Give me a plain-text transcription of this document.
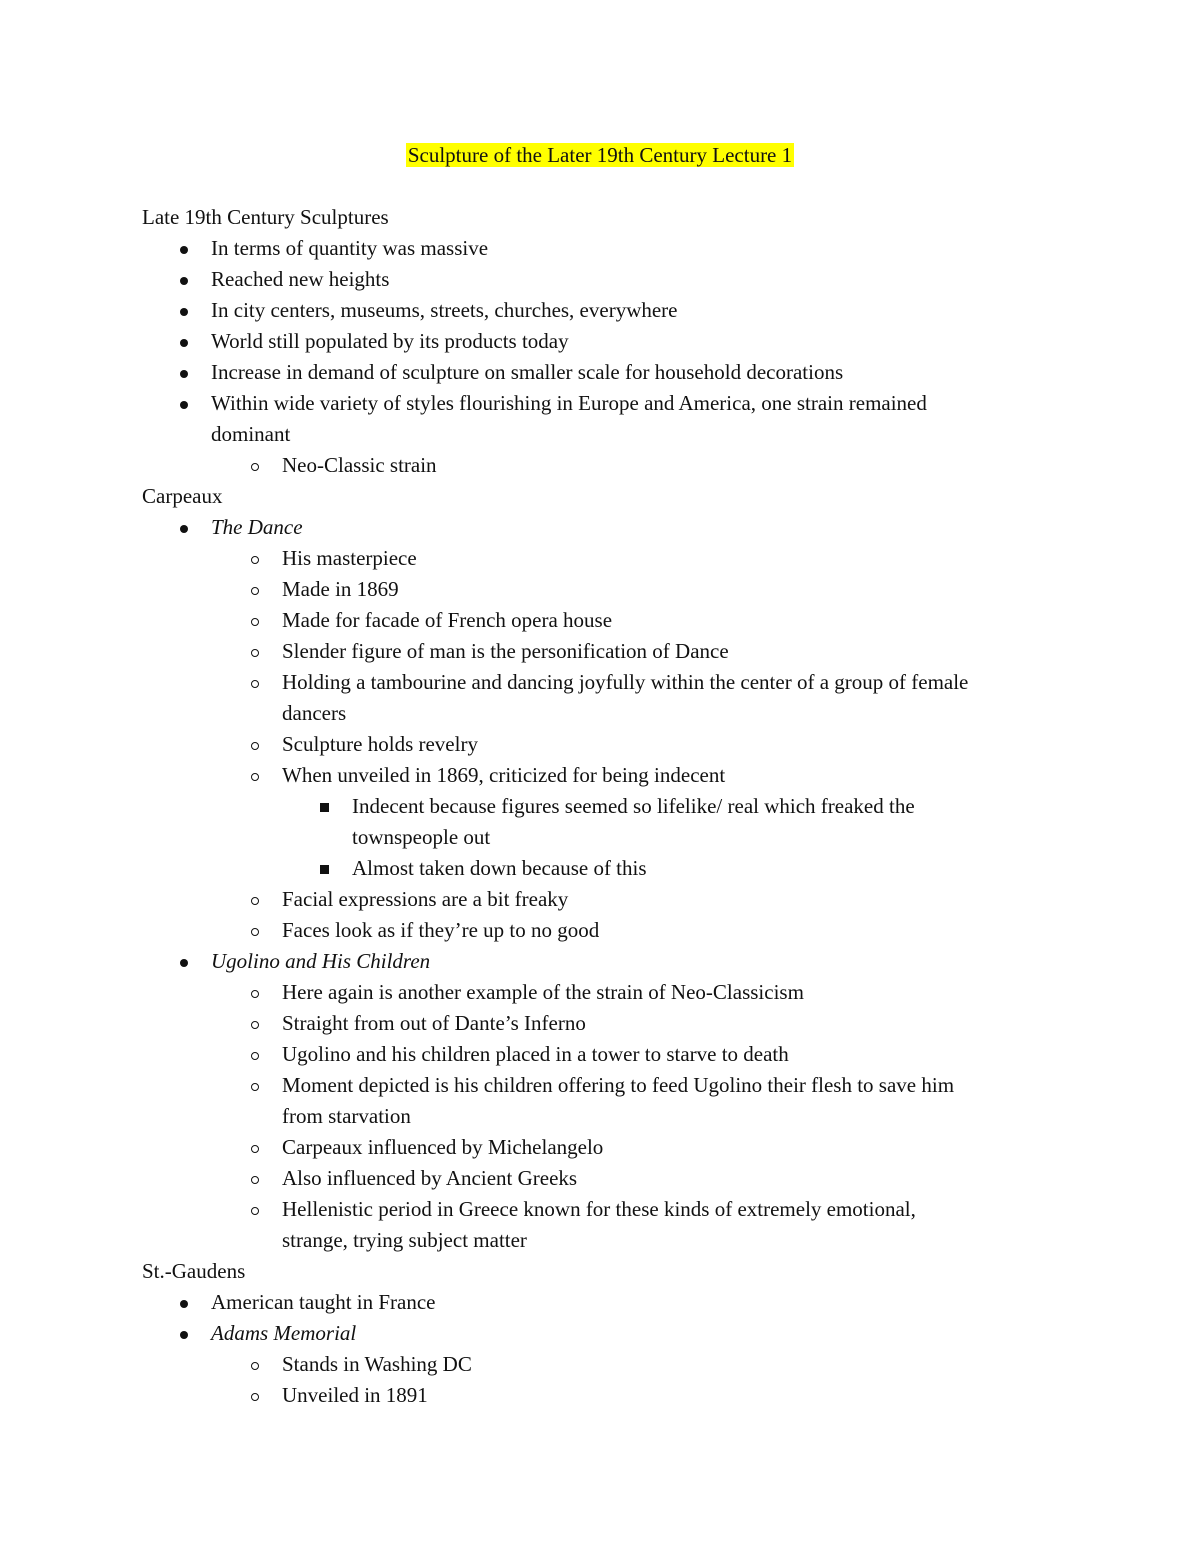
Sculpture of the Later 19th Century Lecture 1
Late 19th Century Sculptures
In terms of quantity was massive
Reached new heights
In city centers, museums, streets, churches, everywhere
World still populated by its products today
Increase in demand of sculpture on smaller scale for household decorations
Within wide variety of styles flourishing in Europe and America, one strain remained
dominant
Neo-Classic strain
Carpeaux
The Dance
His masterpiece
Made in 1869
Made for facade of French opera house
Slender figure of man is the personification of Dance
Holding a tambourine and dancing joyfully within the center of a group of female
dancers
Sculpture holds revelry
When unveiled in 1869, criticized for being indecent
Indecent because figures seemed so lifelike/ real which freaked the
townspeople out
Almost taken down because of this
Facial expressions are a bit freaky
Faces look as if they’re up to no good
Ugolino and His Children
Here again is another example of the strain of Neo-Classicism
Straight from out of Dante’s Inferno
Ugolino and his children placed in a tower to starve to death
Moment depicted is his children offering to feed Ugolino their flesh to save him
from starvation
Carpeaux influenced by Michelangelo
Also influenced by Ancient Greeks
Hellenistic period in Greece known for these kinds of extremely emotional,
strange, trying subject matter
St.-Gaudens
American taught in France
Adams Memorial
Stands in Washing DC
Unveiled in 1891
